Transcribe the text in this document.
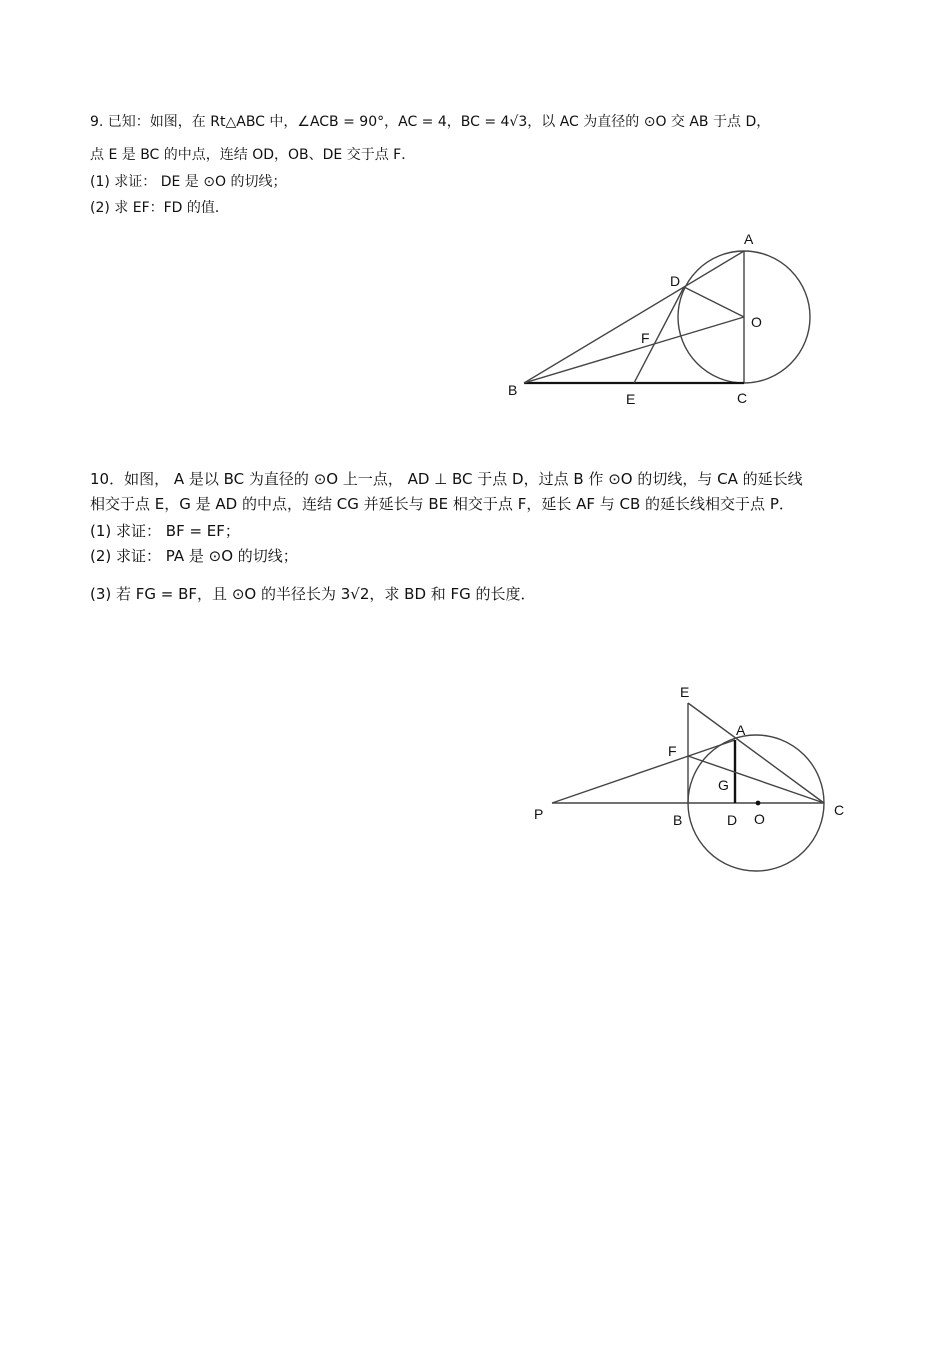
9. 已知：如图，在 Rt△ABC 中，∠ACB = 90°，AC = 4，BC = 4√3，以 AC 为直径的 ⊙O 交 AB 于点 D，
点 E 是 BC 的中点，连结 OD，OB、DE 交于点 F．
(1) 求证： DE 是 ⊙O 的切线；
(2) 求 EF：FD 的值．
10．如图， A 是以 BC 为直径的 ⊙O 上一点， AD ⊥ BC 于点 D，过点 B 作 ⊙O 的切线，与 CA 的延长线
相交于点 E，G 是 AD 的中点，连结 CG 并延长与 BE 相交于点 F，延长 AF 与 CB 的延长线相交于点 P．
(1) 求证： BF = EF；
(2) 求证： PA 是 ⊙O 的切线；
(3) 若 FG = BF，且 ⊙O 的半径长为 3√2，求 BD 和 FG 的长度．
A
D
O
F
B
E	C
E
A
F
G
P	B	D O
C
